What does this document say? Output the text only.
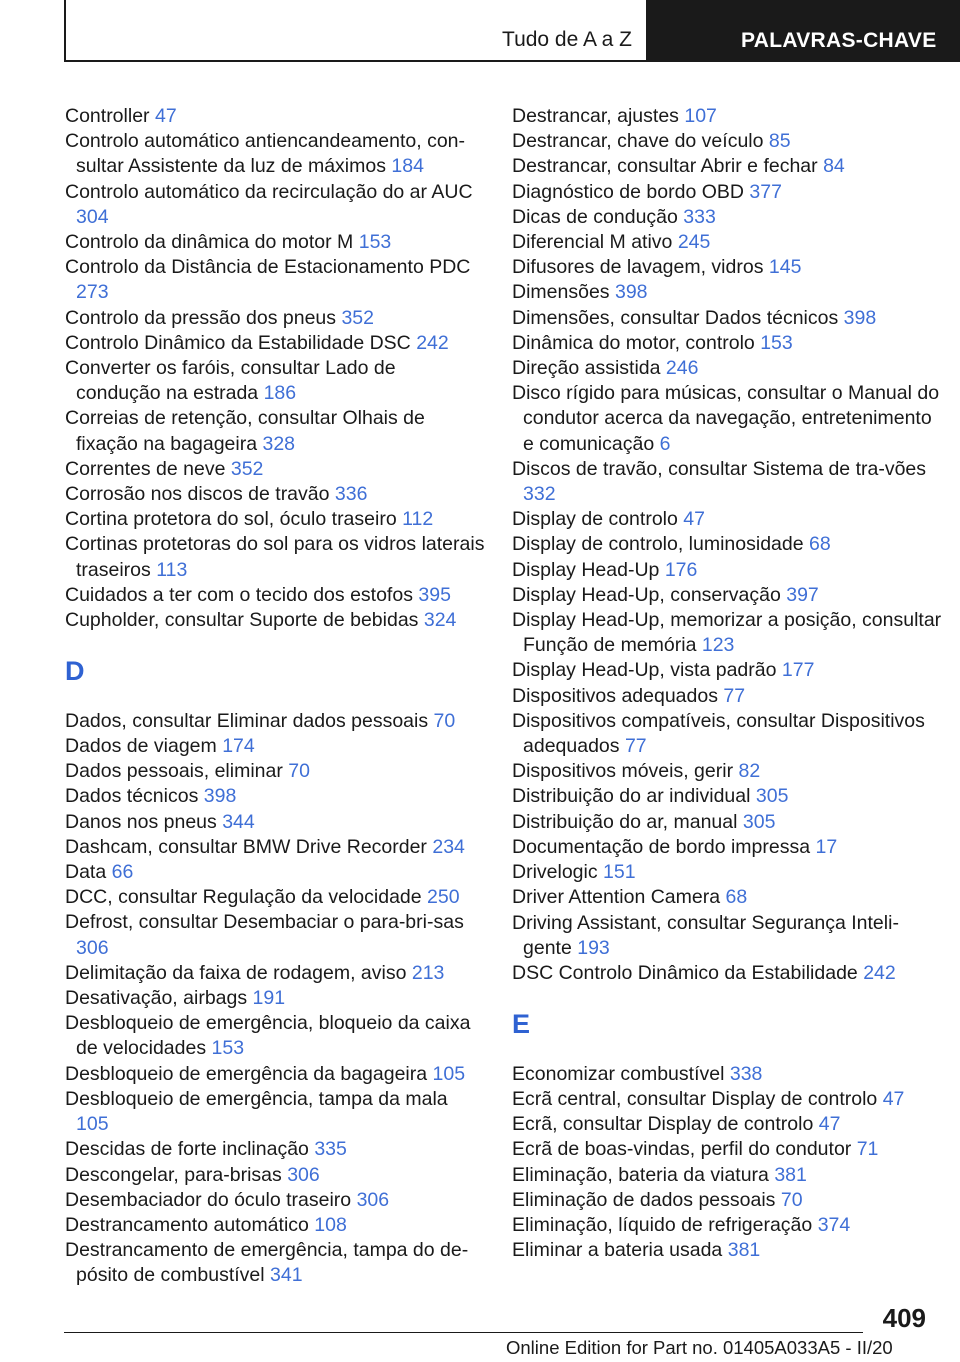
Tudo de A a Z	PALAVRAS-CHAVE
Controller 47
Controlo automático antiencandeamento, con-sultar Assistente da luz de máximos 184
Controlo automático da recirculação do ar AUC 304
Controlo da dinâmica do motor M 153
Controlo da Distância de Estacionamento PDC 273
Controlo da pressão dos pneus 352
Controlo Dinâmico da Estabilidade DSC 242
Converter os faróis, consultar Lado de condução na estrada 186
Correias de retenção, consultar Olhais de fixação na bagageira 328
Correntes de neve 352
Corrosão nos discos de travão 336
Cortina protetora do sol, óculo traseiro 112
Cortinas protetoras do sol para os vidros laterais traseiros 113
Cuidados a ter com o tecido dos estofos 395
Cupholder, consultar Suporte de bebidas 324
D
Dados, consultar Eliminar dados pessoais 70
Dados de viagem 174
Dados pessoais, eliminar 70
Dados técnicos 398
Danos nos pneus 344
Dashcam, consultar BMW Drive Recorder 234
Data 66
DCC, consultar Regulação da velocidade 250
Defrost, consultar Desembaciar o para-bri-sas 306
Delimitação da faixa de rodagem, aviso 213
Desativação, airbags 191
Desbloqueio de emergência, bloqueio da caixa de velocidades 153
Desbloqueio de emergência da bagageira 105
Desbloqueio de emergência, tampa da mala 105
Descidas de forte inclinação 335
Descongelar, para-brisas 306
Desembaciador do óculo traseiro 306
Destrancamento automático 108
Destrancamento de emergência, tampa do de-pósito de combustível 341
Destrancar, ajustes 107
Destrancar, chave do veículo 85
Destrancar, consultar Abrir e fechar 84
Diagnóstico de bordo OBD 377
Dicas de condução 333
Diferencial M ativo 245
Difusores de lavagem, vidros 145
Dimensões 398
Dimensões, consultar Dados técnicos 398
Dinâmica do motor, controlo 153
Direção assistida 246
Disco rígido para músicas, consultar o Manual do condutor acerca da navegação, entretenimento e comunicação 6
Discos de travão, consultar Sistema de tra-vões 332
Display de controlo 47
Display de controlo, luminosidade 68
Display Head-Up 176
Display Head-Up, conservação 397
Display Head-Up, memorizar a posição, consultar Função de memória 123
Display Head-Up, vista padrão 177
Dispositivos adequados 77
Dispositivos compatíveis, consultar Dispositivos adequados 77
Dispositivos móveis, gerir 82
Distribuição do ar individual 305
Distribuição do ar, manual 305
Documentação de bordo impressa 17
Drivelogic 151
Driver Attention Camera 68
Driving Assistant, consultar Segurança Inteli-gente 193
DSC Controlo Dinâmico da Estabilidade 242
E
Economizar combustível 338
Ecrã central, consultar Display de controlo 47
Ecrã, consultar Display de controlo 47
Ecrã de boas-vindas, perfil do condutor 71
Eliminação, bateria da viatura 381
Eliminação de dados pessoais 70
Eliminação, líquido de refrigeração 374
Eliminar a bateria usada 381
409
Online Edition for Part no. 01405A033A5 - II/20
